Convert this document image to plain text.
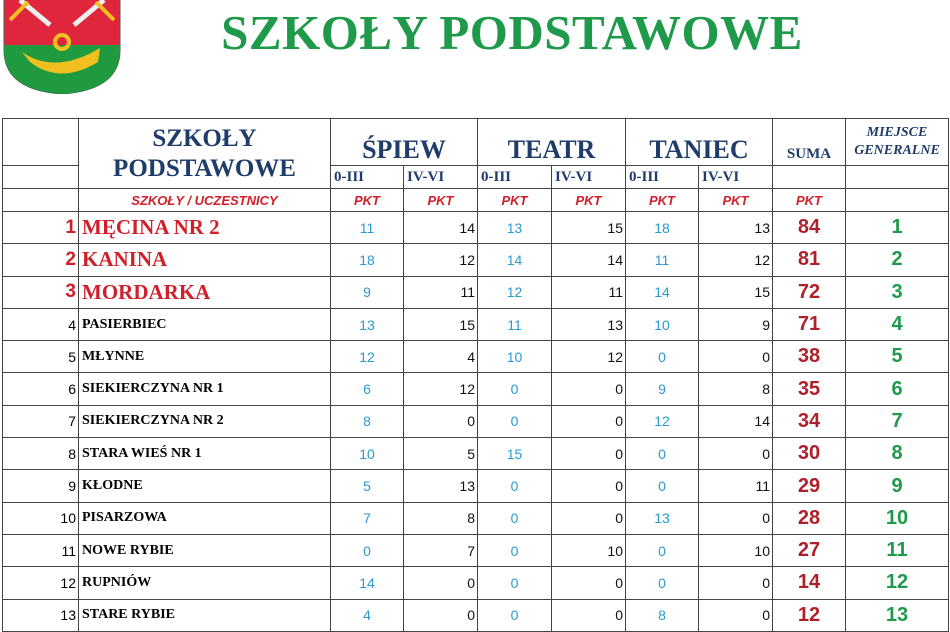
SZKOŁY PODSTAWOWE
	SZKOŁY
PODSTAWOWE	ŚPIEW		TEATR		TANIEC		SUMA	MIEJSCE
GENERALNE
		0-III	IV-VI	0-III	IV-VI	0-III	IV-VI		
	SZKOŁY / UCZESTNICY	PKT	PKT	PKT	PKT	PKT	PKT	PKT	
1	MĘCINA NR 2	11	14	13	15	18	13	84	1
2	KANINA	18	12	14	14	11	12	81	2
3	MORDARKA	9	11	12	11	14	15	72	3
4	PASIERBIEC	13	15	11	13	10	9	71	4
5	MŁYNNE	12	4	10	12	0	0	38	5
6	SIEKIERCZYNA NR 1	6	12	0	0	9	8	35	6
7	SIEKIERCZYNA NR 2	8	0	0	0	12	14	34	7
8	STARA WIEŚ NR 1	10	5	15	0	0	0	30	8
9	KŁODNE	5	13	0	0	0	11	29	9
10	PISARZOWA	7	8	0	0	13	0	28	10
11	NOWE RYBIE	0	7	0	10	0	10	27	11
12	RUPNIÓW	14	0	0	0	0	0	14	12
13	STARE RYBIE	4	0	0	0	8	0	12	13
